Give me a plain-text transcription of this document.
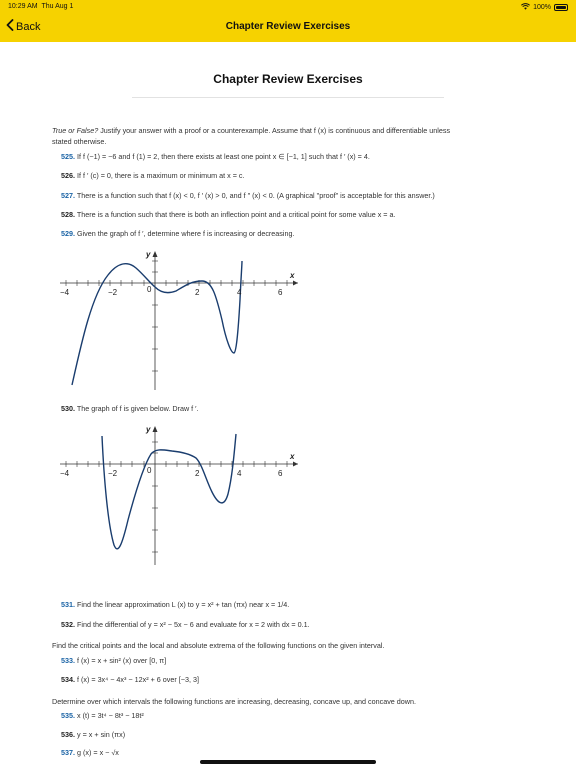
10:29 AM Thu Aug 1	100%
Back	Chapter Review Exercises
Chapter Review Exercises
True or False? Justify your answer with a proof or a counterexample. Assume that f (x) is continuous and differentiable unless
stated otherwise.
525. If f (−1) = −6 and f (1) = 2, then there exists at least one point x ∈ [−1, 1] such that f ′ (x) = 4.
526. If f ′ (c) = 0, there is a maximum or minimum at x = c.
527. There is a function such that f (x) < 0, f ′ (x) > 0, and f ″ (x) < 0. (A graphical "proof" is acceptable for this answer.)
528. There is a function such that there is both an inflection point and a critical point for some value x = a.
529. Given the graph of f ′, determine where f is increasing or decreasing.
−4	−2	0	2	4	6
x
y
530. The graph of f is given below. Draw f ′.
−4	−2	0	2	4	6
x
y
531. Find the linear approximation L (x) to y = x² + tan (πx) near x = 1/4.
532. Find the differential of y = x² − 5x − 6 and evaluate for x = 2 with dx = 0.1.
Find the critical points and the local and absolute extrema of the following functions on the given interval.
533. f (x) = x + sin² (x) over [0, π]
534. f (x) = 3x⁴ − 4x³ − 12x² + 6 over [−3, 3]
Determine over which intervals the following functions are increasing, decreasing, concave up, and concave down.
535. x (t) = 3t⁴ − 8t³ − 18t²
536. y = x + sin (πx)
537. g (x) = x − √x
